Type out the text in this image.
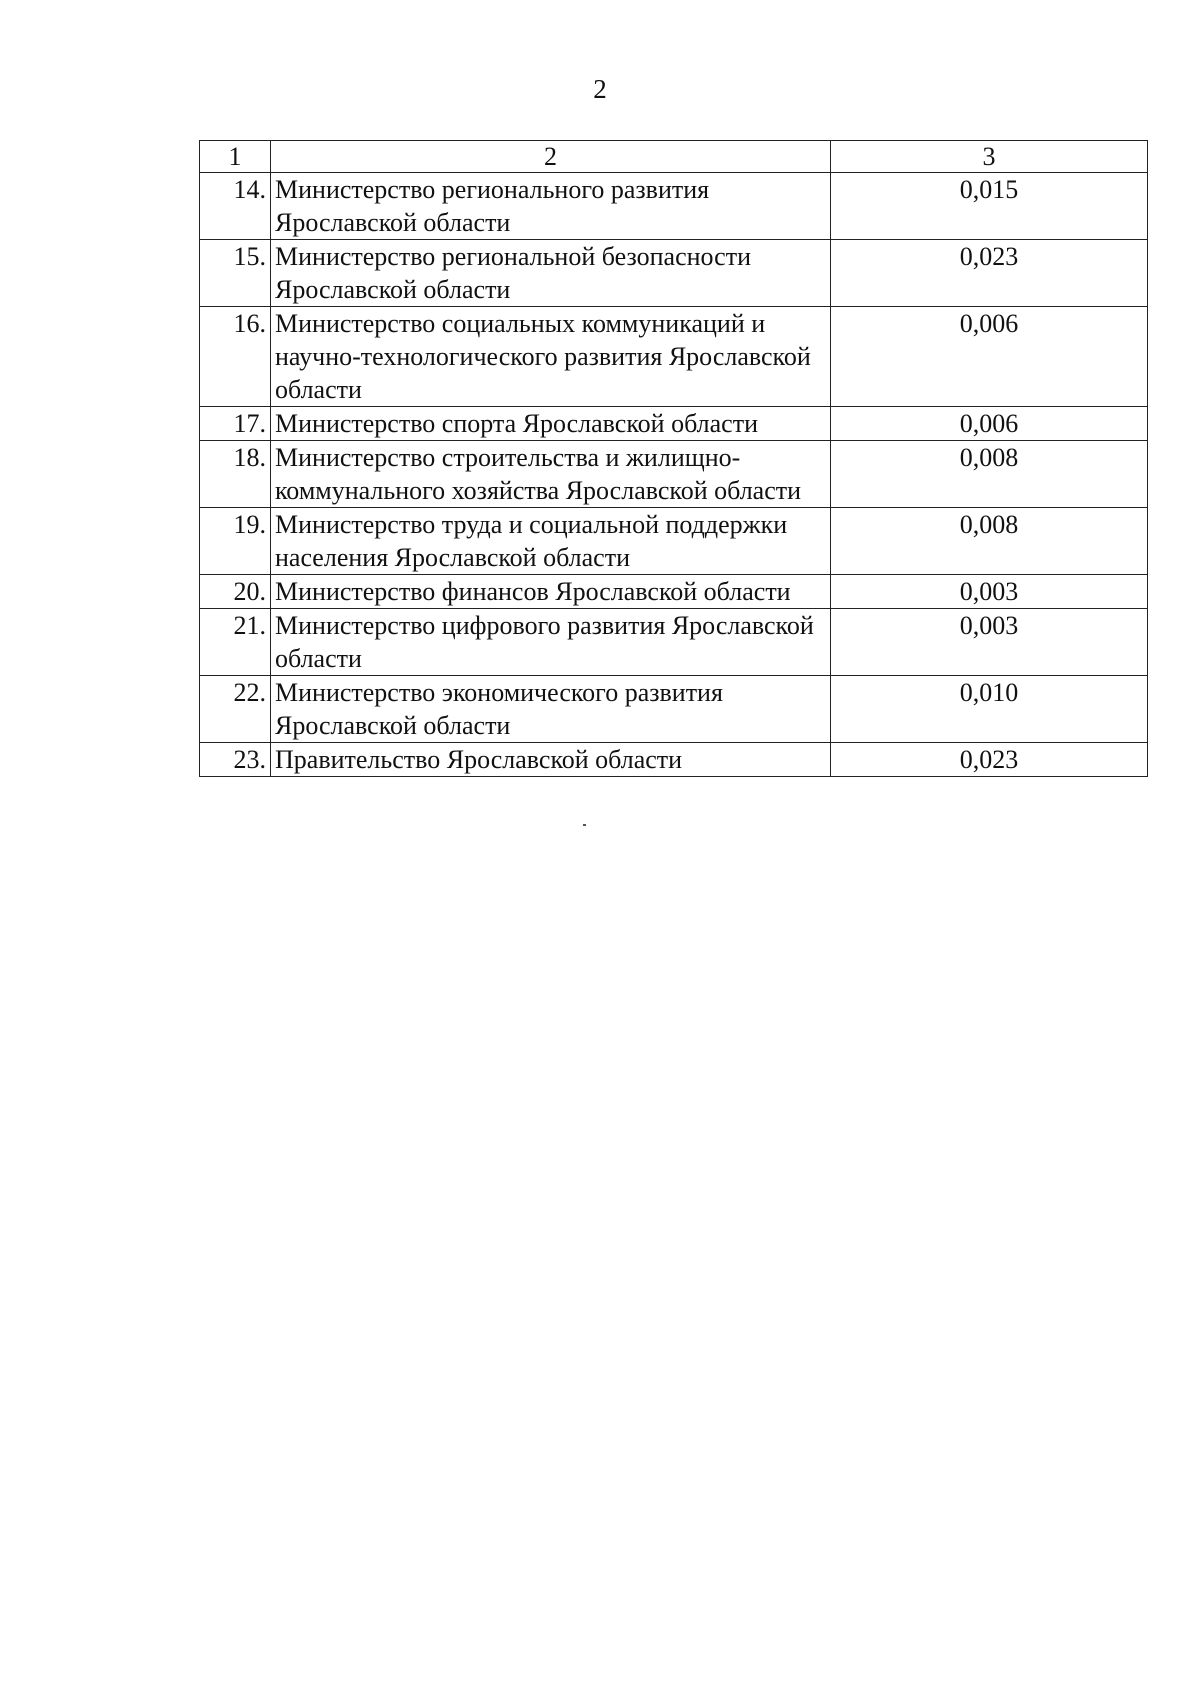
2
1	2	3
14.	Министерство регионального развития Ярославской области	0,015
15.	Министерство региональной безопасности Ярославской области	0,023
16.	Министерство социальных коммуникаций и научно-технологического развития Ярославской области	0,006
17.	Министерство спорта Ярославской области	0,006
18.	Министерство строительства и жилищно-коммунального хозяйства Ярославской области	0,008
19.	Министерство труда и социальной поддержки населения Ярославской области	0,008
20.	Министерство финансов Ярославской области	0,003
21.	Министерство цифрового развития Ярославской области	0,003
22.	Министерство экономического развития Ярославской области	0,010
23.	Правительство Ярославской области	0,023
